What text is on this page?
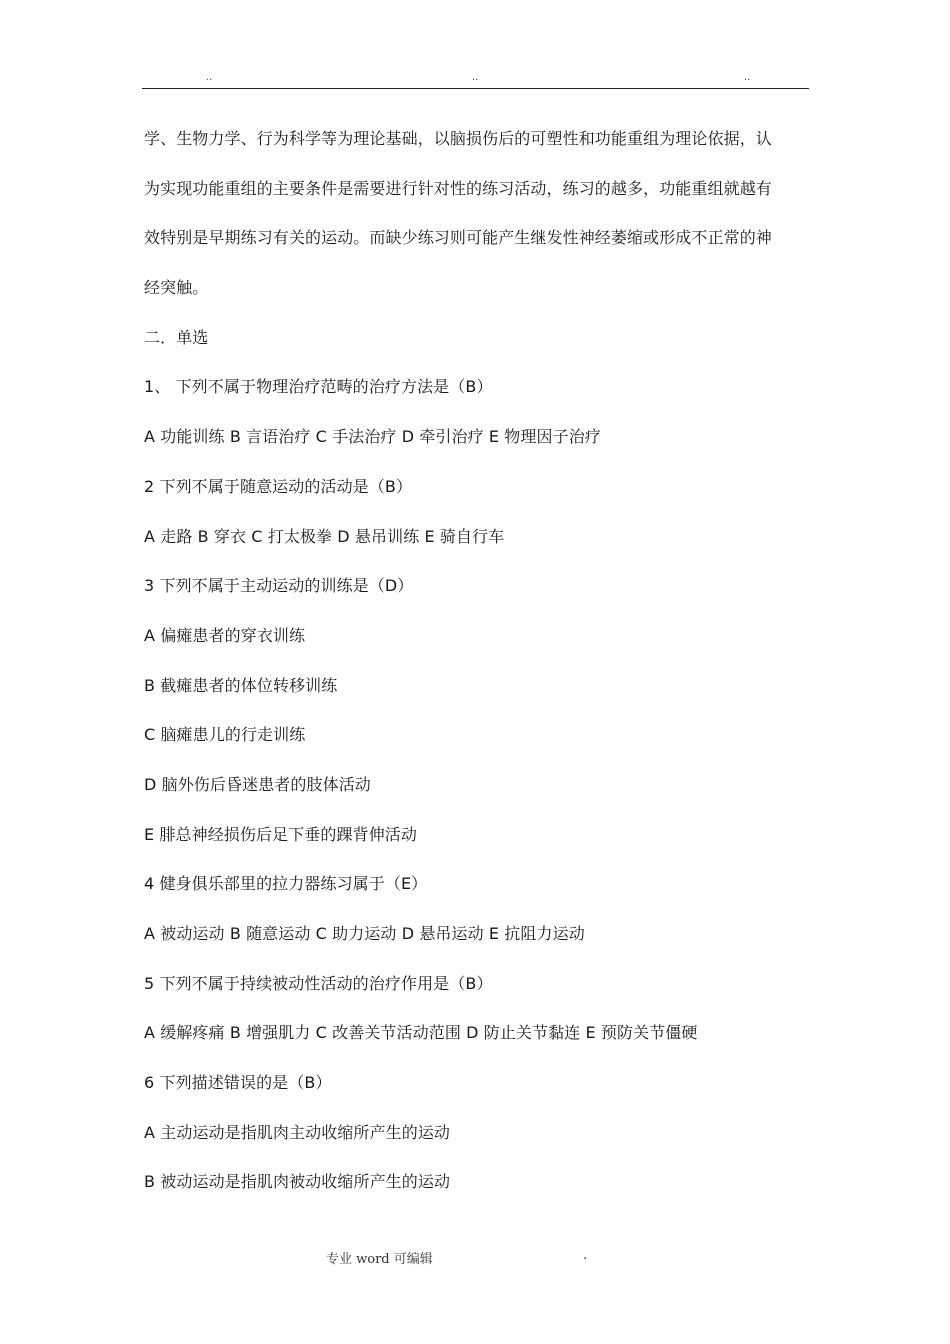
..	..	..
学、生物力学、行为科学等为理论基础，以脑损伤后的可塑性和功能重组为理论依据，认
为实现功能重组的主要条件是需要进行针对性的练习活动，练习的越多，功能重组就越有
效特别是早期练习有关的运动。而缺少练习则可能产生继发性神经萎缩或形成不正常的神
经突触。
二．单选
1、 下列不属于物理治疗范畴的治疗方法是（B）
A 功能训练 B 言语治疗 C 手法治疗 D 牵引治疗 E 物理因子治疗
2 下列不属于随意运动的活动是（B）
A 走路 B 穿衣 C 打太极拳 D 悬吊训练 E 骑自行车
3 下列不属于主动运动的训练是（D）
A 偏瘫患者的穿衣训练
B 截瘫患者的体位转移训练
C 脑瘫患儿的行走训练
D 脑外伤后昏迷患者的肢体活动
E 腓总神经损伤后足下垂的踝背伸活动
4 健身俱乐部里的拉力器练习属于（E）
A 被动运动 B 随意运动 C 助力运动 D 悬吊运动 E 抗阻力运动
5 下列不属于持续被动性活动的治疗作用是（B）
A 缓解疼痛 B 增强肌力 C 改善关节活动范围 D 防止关节黏连 E 预防关节僵硬
6 下列描述错误的是（B）
A 主动运动是指肌肉主动收缩所产生的运动
B 被动运动是指肌肉被动收缩所产生的运动
专业 word 可编辑	.
